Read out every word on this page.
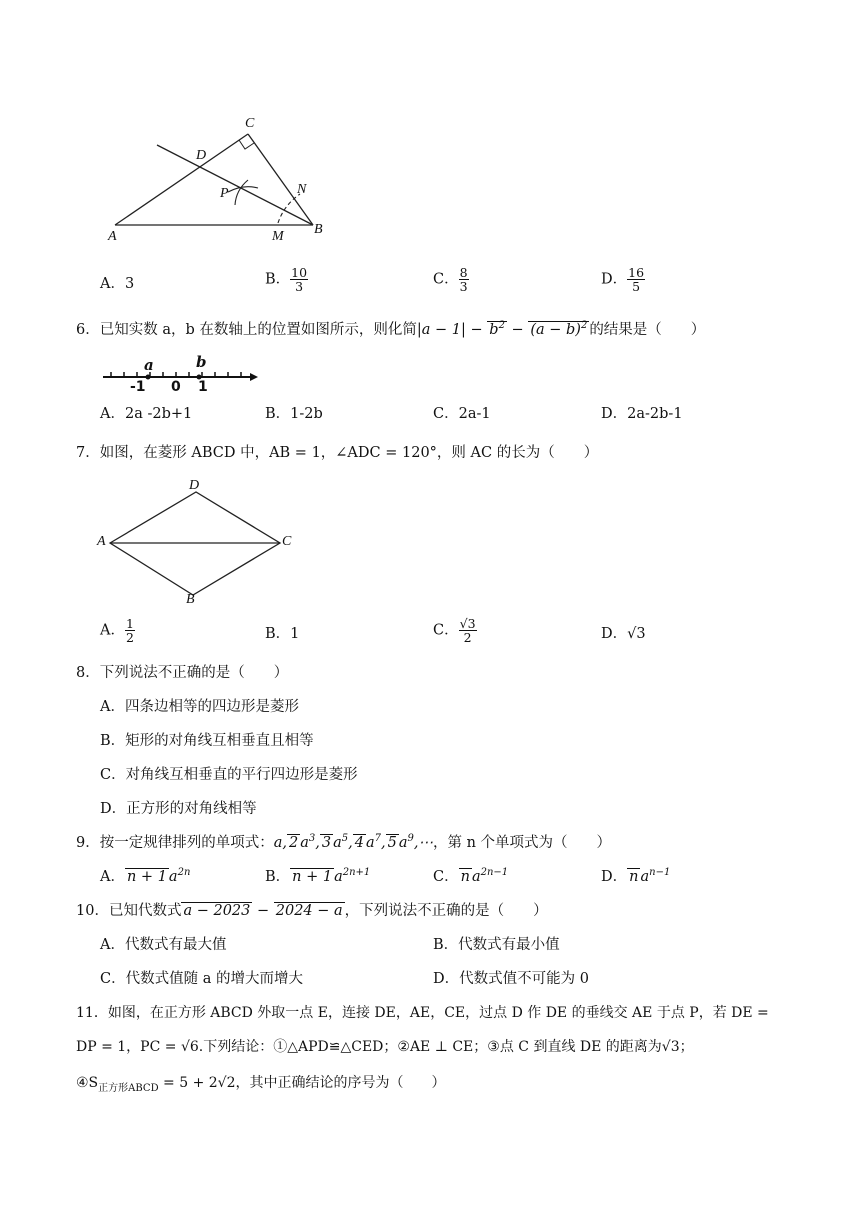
C
D
P	N
A	M B
A．3	B． $\frac{10}{3}$	C． $\frac{8}{3}$	D． $\frac{16}{5}$
6．已知实数 a，b 在数轴上的位置如图所示，则化简$|a - 1| - b^2 - (a - b)^2$ 的结果是（　　）
a	b
-1 0 1
A．2a -2b+1	B．1-2b	C．2a-1	D．2a-2b-1
7．如图，在菱形 ABCD 中，AB = 1，∠ADC = 120°，则 AC 的长为（　　）
D
A	C
B
A． $\frac{1}{2}$	B．1	C． $\frac{√3}{2}$	D．√3
8．下列说法不正确的是（　　）
A．四条边相等的四边形是菱形
B．矩形的对角线互相垂直且相等
C．对角线互相垂直的平行四边形是菱形
D．正方形的对角线相等
9．按一定规律排列的单项式：a, 2 $a^3$, 3 $a^5$, 4 $a^7$, 5 $a^9,\cdots$，第 n 个单项式为（　　）
A． n + 1 $a^{2n}$	B． n + 1 $a^{2n+1}$	C． n $a^{2n-1}$	D． n $a^{n-1}$
10．已知代数式 a − 2023 − 2024 − a ，下列说法不正确的是（　　）
A．代数式有最大值	B．代数式有最小值
C．代数式值随 a 的增大而增大	D．代数式值不可能为 0
11．如图，在正方形 ABCD 外取一点 E，连接 DE，AE，CE，过点 D 作 DE 的垂线交 AE 于点 P，若 DE =
DP = 1，PC = √6.下列结论：①△APD≌△CED；②AE ⊥ CE；③点 C 到直线 DE 的距离为√3；
$④S_{正方形ABCD} = 5 + 2√2$，其中正确结论的序号为（　　）
